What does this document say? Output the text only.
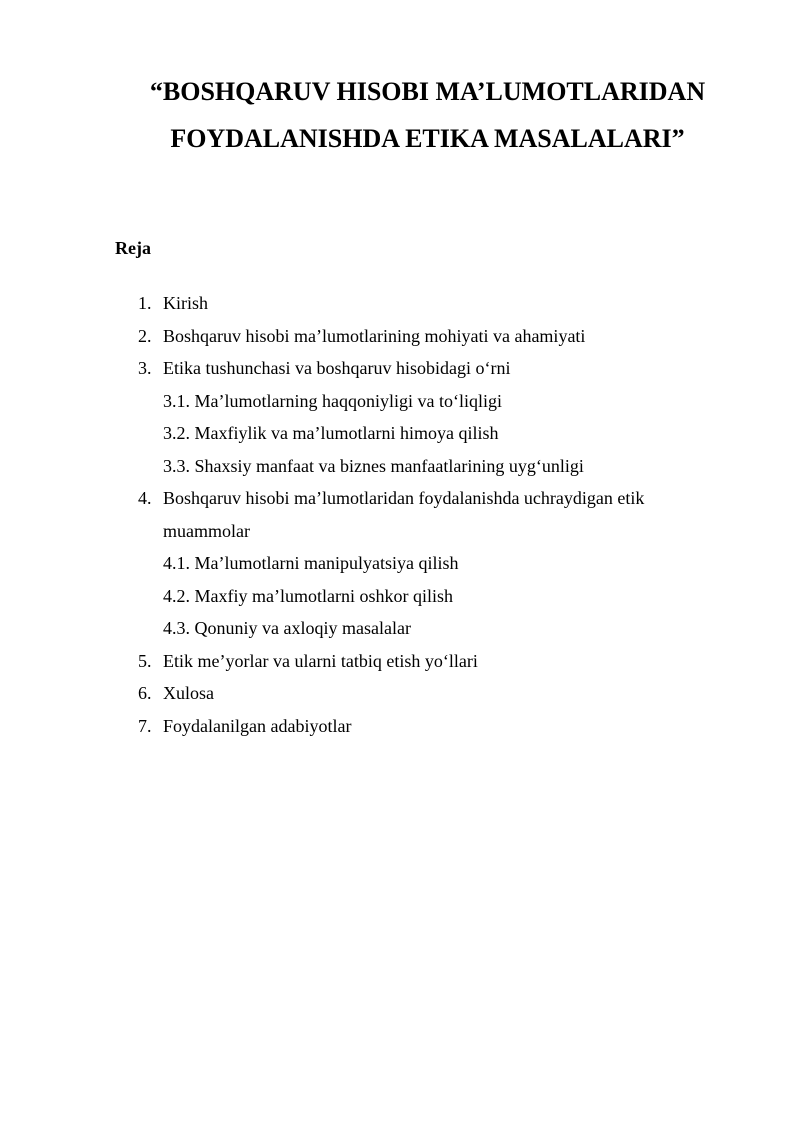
“BOSHQARUV HISOBI MA’LUMOTLARIDAN
FOYDALANISHDA ETIKA MASALALARI”

Reja

1. Kirish
2. Boshqaruv hisobi ma’lumotlarining mohiyati va ahamiyati
3. Etika tushunchasi va boshqaruv hisobidagi o‘rni
3.1. Ma’lumotlarning haqqoniyligi va to‘liqligi
3.2. Maxfiylik va ma’lumotlarni himoya qilish
3.3. Shaxsiy manfaat va biznes manfaatlarining uyg‘unligi
4. Boshqaruv hisobi ma’lumotlaridan foydalanishda uchraydigan etik
muammolar
4.1. Ma’lumotlarni manipulyatsiya qilish
4.2. Maxfiy ma’lumotlarni oshkor qilish
4.3. Qonuniy va axloqiy masalalar
5. Etik me’yorlar va ularni tatbiq etish yo‘llari
6. Xulosa
7. Foydalanilgan adabiyotlar
